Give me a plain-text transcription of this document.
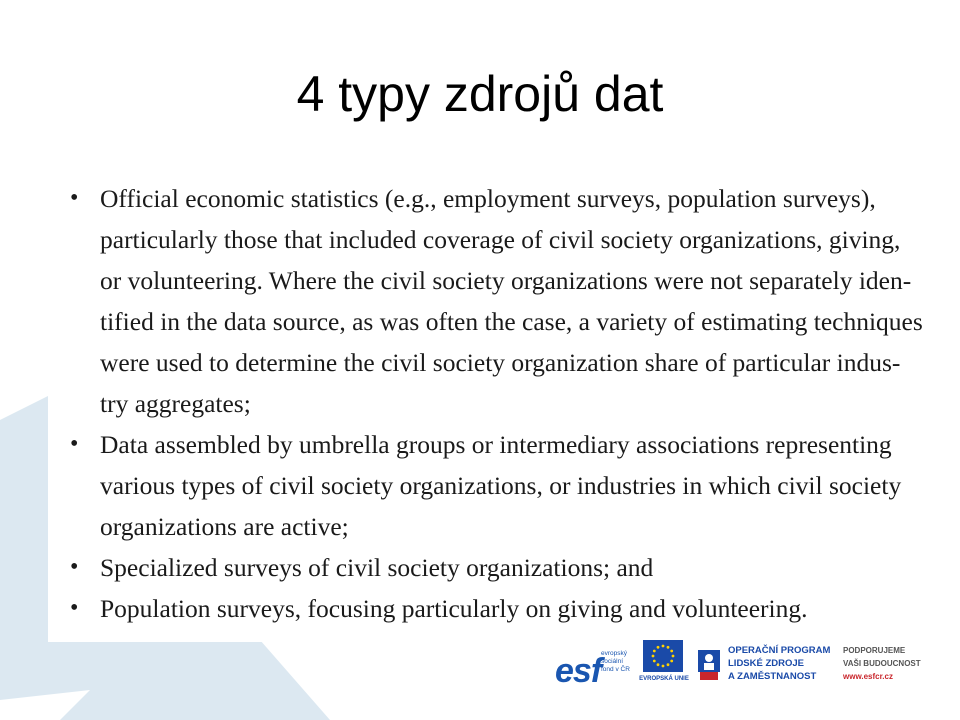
4 typy zdrojů dat
• Official economic statistics (e.g., employment surveys, population surveys),
particularly those that included coverage of civil society organizations, giving,
or volunteering. Where the civil society organizations were not separately iden-
tified in the data source, as was often the case, a variety of estimating techniques
were used to determine the civil society organization share of particular indus-
try aggregates;
• Data assembled by umbrella groups or intermediary associations representing
various types of civil society organizations, or industries in which civil society
organizations are active;
• Specialized surveys of civil society organizations; and
• Population surveys, focusing particularly on giving and volunteering.
esf evropský
sociální
fond v ČR
EVROPSKÁ UNIE
OPERAČNÍ PROGRAM
LIDSKÉ ZDROJE
A ZAMĚSTNANOST
PODPORUJEME
VAŠI BUDOUCNOST
www.esfcr.cz
